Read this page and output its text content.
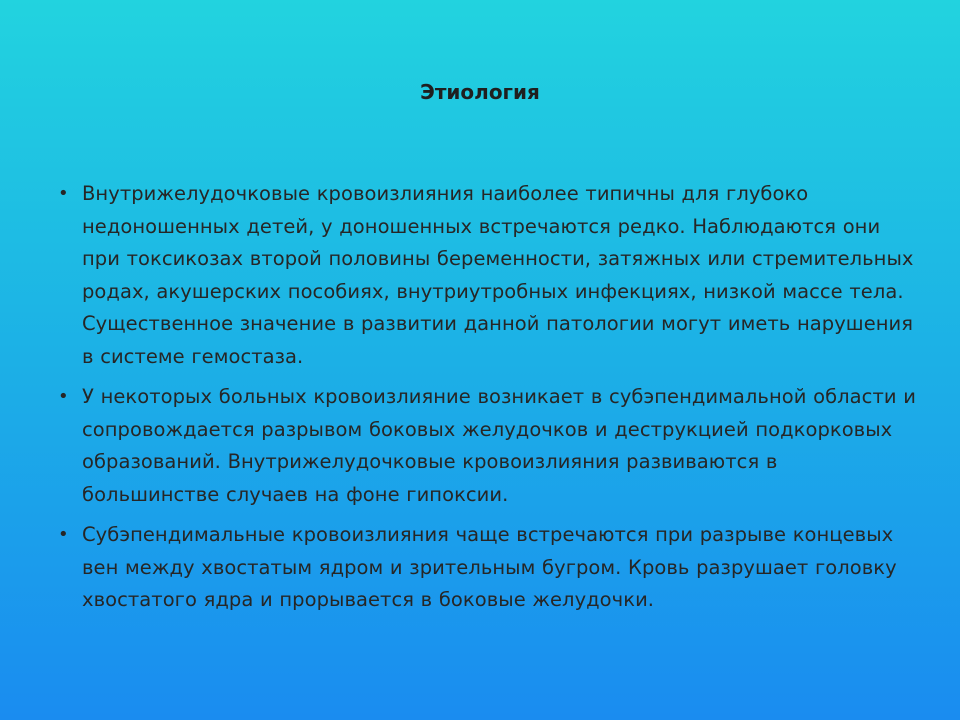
Этиология
• Внутрижелудочковые кровоизлияния наиболее типичны для глубоко недоношенных детей, у доношенных встречаются редко. Наблюдаются они при токсикозах второй половины беременности, затяжных или стремительных родах, акушерских пособиях, внутриутробных инфекциях, низкой массе тела. Существенное значение в развитии данной патологии могут иметь нарушения в системе гемостаза.
• У некоторых больных кровоизлияние возникает в субэпендимальной области и сопровождается разрывом боковых желудочков и деструкцией подкорковых образований. Внутрижелудочковые кровоизлияния развиваются в большинстве случаев на фоне гипоксии.
• Субэпендимальные кровоизлияния чаще встречаются при разрыве концевых вен между хвостатым ядром и зрительным бугром. Кровь разрушает головку хвостатого ядра и прорывается в боковые желудочки.
